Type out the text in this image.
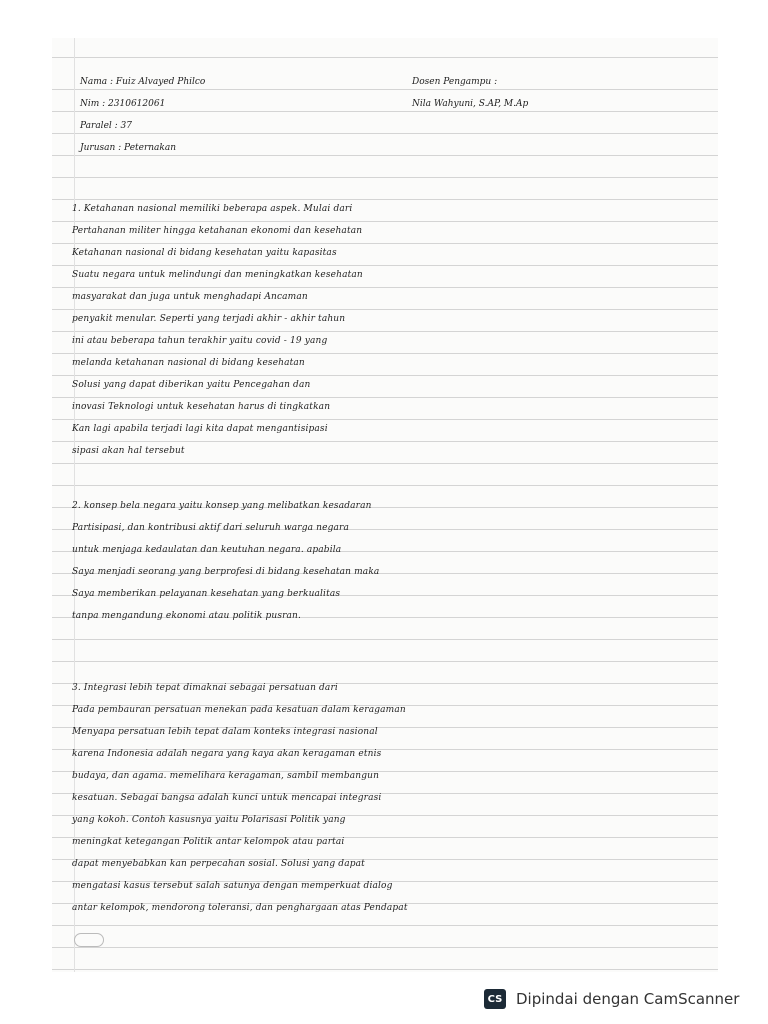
Nama : Fuiz Alvayed Philco

Nim : 2310612061

Paralel : 37

Jurusan : Peternakan

Dosen Pengampu :

Nila Wahyuni, S.AP, M.Ap

1. Ketahanan nasional memiliki beberapa aspek. Mulai dari

Pertahanan militer hingga ketahanan ekonomi dan kesehatan

Ketahanan nasional di bidang kesehatan yaitu kapasitas

Suatu negara untuk melindungi dan meningkatkan kesehatan

masyarakat dan juga untuk menghadapi Ancaman

penyakit menular. Seperti yang terjadi akhir - akhir tahun

ini atau beberapa tahun terakhir yaitu covid - 19 yang

melanda ketahanan nasional di bidang kesehatan

Solusi yang dapat diberikan yaitu Pencegahan dan

inovasi Teknologi untuk kesehatan harus di tingkatkan

Kan lagi apabila terjadi lagi kita dapat mengantisipasi

sipasi akan hal tersebut

2. konsep bela negara yaitu konsep yang melibatkan kesadaran

Partisipasi, dan kontribusi aktif dari seluruh warga negara

untuk menjaga kedaulatan dan keutuhan negara. apabila

Saya menjadi seorang yang berprofesi di bidang kesehatan maka

Saya memberikan pelayanan kesehatan yang berkualitas

tanpa mengandung ekonomi atau politik pusran.

3. Integrasi lebih tepat dimaknai sebagai persatuan dari

Pada pembauran persatuan menekan pada kesatuan dalam keragaman

Menyapa persatuan lebih tepat dalam konteks integrasi nasional

karena Indonesia adalah negara yang kaya akan keragaman etnis

budaya, dan agama. memelihara keragaman, sambil membangun

kesatuan. Sebagai bangsa adalah kunci untuk mencapai integrasi

yang kokoh. Contoh kasusnya yaitu Polarisasi Politik yang

meningkat ketegangan Politik antar kelompok atau partai

dapat menyebabkan kan perpecahan sosial. Solusi yang dapat

mengatasi kasus tersebut salah satunya dengan memperkuat dialog

antar kelompok, mendorong toleransi, dan penghargaan atas Pendapat

CS Dipindai dengan CamScanner
